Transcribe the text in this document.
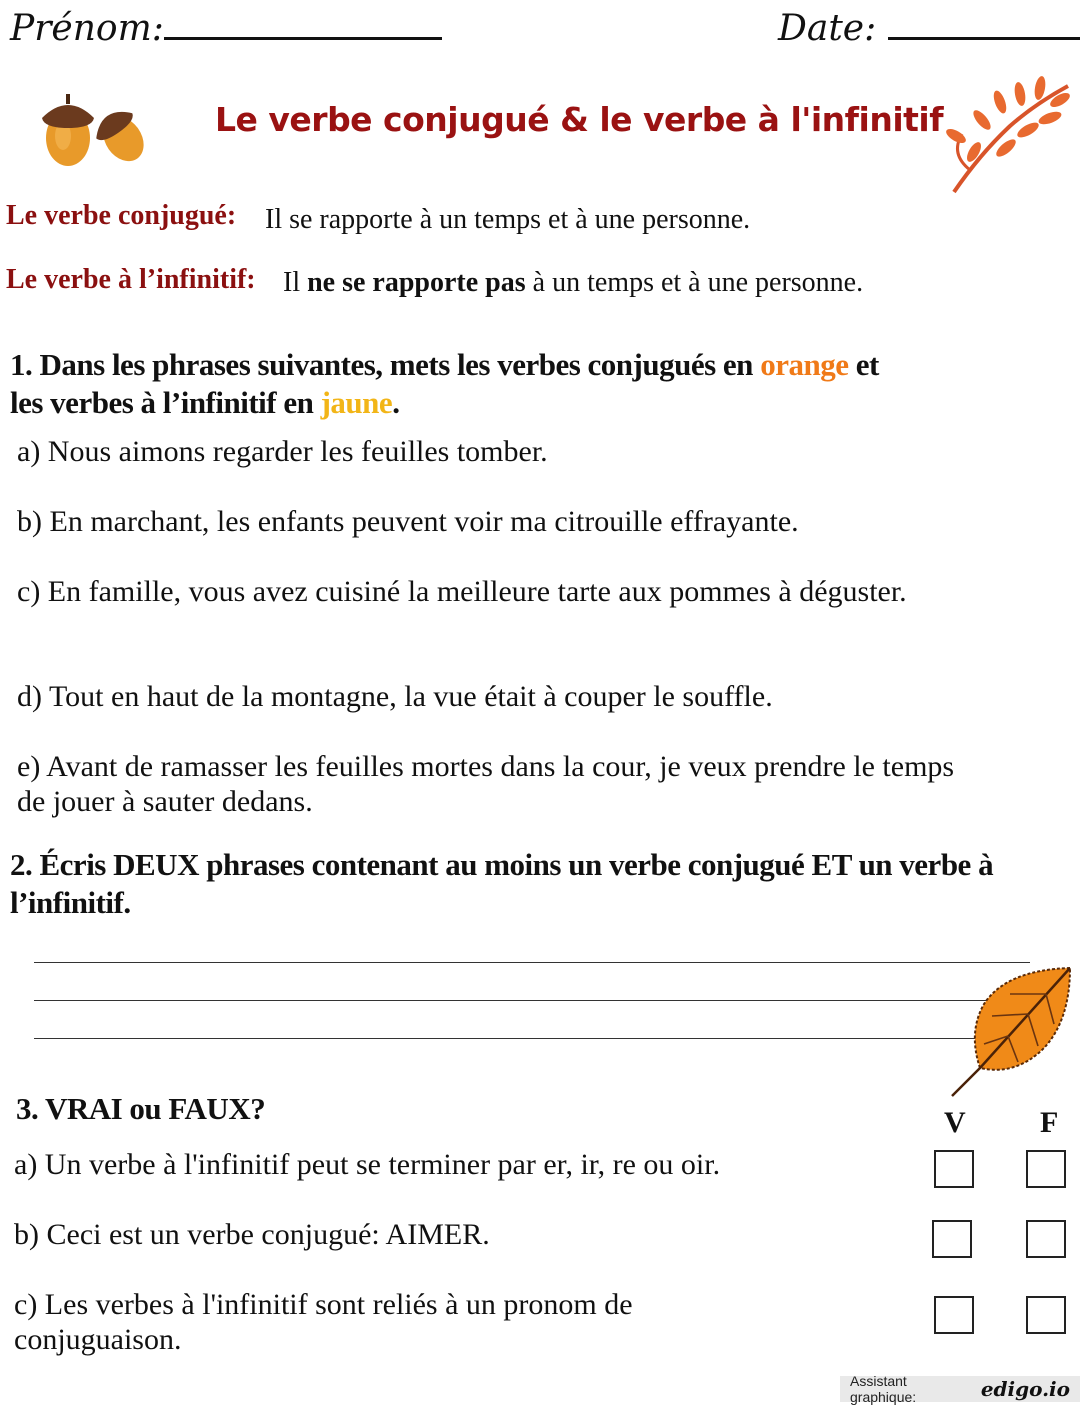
Prénom:	Date:
Le verbe conjugué & le verbe à l'infinitif
Le verbe conjugué: Il se rapporte à un temps et à une personne.
Le verbe à l’infinitif: Il ne se rapporte pas à un temps et à une personne.
1. Dans les phrases suivantes, mets les verbes conjugués en orange et
les verbes à l’infinitif en jaune.
a) Nous aimons regarder les feuilles tomber.
b) En marchant, les enfants peuvent voir ma citrouille effrayante.
c) En famille, vous avez cuisiné la meilleure tarte aux pommes à déguster.
d) Tout en haut de la montagne, la vue était à couper le souffle.
e) Avant de ramasser les feuilles mortes dans la cour, je veux prendre le temps de jouer à sauter dedans.
2. Écris DEUX phrases contenant au moins un verbe conjugué ET un verbe à l’infinitif.
3. VRAI ou FAUX?	V F
a) Un verbe à l'infinitif peut se terminer par er, ir, re ou oir.
b) Ceci est un verbe conjugué: AIMER.
c) Les verbes à l'infinitif sont reliés à un pronom de conjuguaison.
Assistant graphique:	edigo.io
